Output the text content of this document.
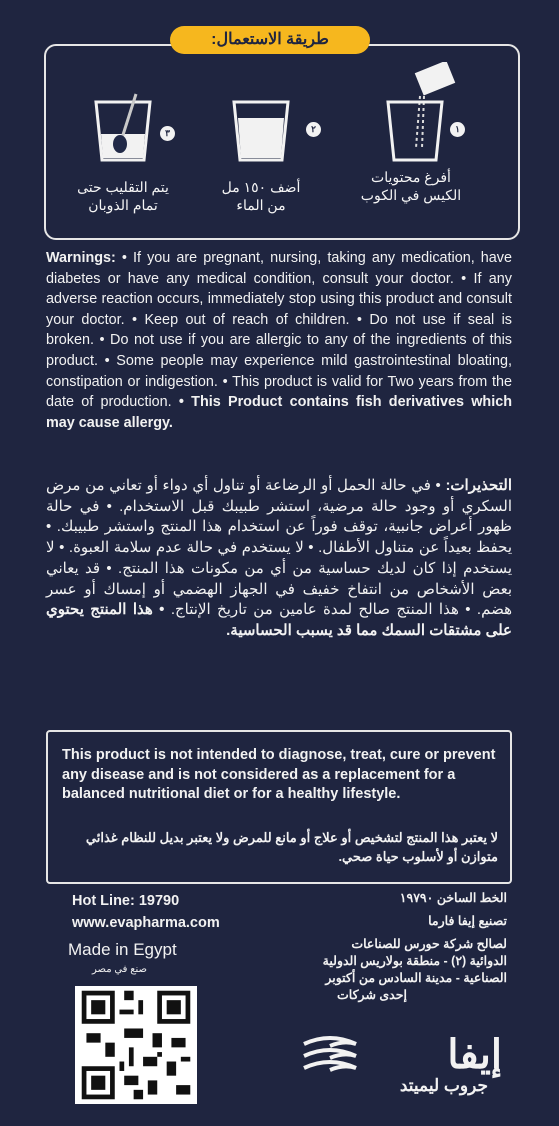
طريقة الاستعمال:
يتم التقليب حتى
تمام الذوبان
٣
أضف ١٥٠ مل
من الماء
٢
أفرغ محتويات
الكيس في الكوب
١
Warnings: • If you are pregnant, nursing, taking any medication, have diabetes or have any medical condition, consult your doctor. • If any adverse reaction occurs, immediately stop using this product and consult your doctor. • Keep out of reach of children. • Do not use if seal is broken. • Do not use if you are allergic to any of the ingredients of this product. • Some people may experience mild gastrointestinal bloating, constipation or indigestion. • This product is valid for Two years from the date of production. • This Product contains fish derivatives which may cause allergy.
التحذيرات: • في حالة الحمل أو الرضاعة أو تناول أي دواء أو تعاني من مرض السكري أو وجود حالة مرضية، استشر طبيبك قبل الاستخدام. • في حالة ظهور أعراض جانبية، توقف فوراً عن استخدام هذا المنتج واستشر طبيبك. • يحفظ بعيداً عن متناول الأطفال. • لا يستخدم في حالة عدم سلامة العبوة. • لا يستخدم إذا كان لديك حساسية من أي من مكونات هذا المنتج. • قد يعاني بعض الأشخاص من انتفاخ خفيف في الجهاز الهضمي أو إمساك أو عسر هضم. • هذا المنتج صالح لمدة عامين من تاريخ الإنتاج. • هذا المنتج يحتوي على مشتقات السمك مما قد يسبب الحساسية.
This product is not intended to diagnose, treat, cure or prevent any disease and is not considered as a replacement for a balanced nutritional diet or for a healthy lifestyle.
لا يعتبر هذا المنتج لتشخيص أو علاج أو مانع للمرض ولا يعتبر بديل للنظام غذائي متوازن أو لأسلوب حياة صحي.
Hot Line: 19790
www.evapharma.com
Made in Egypt
صنع في مصر
الخط الساخن ١٩٧٩٠
تصنيع إيفا فارما
لصالح شركة حورس للصناعات
الدوائية (٢) - منطقة بولاريس الدولية
الصناعية - مدينة السادس من أكتوبر
إحدى شركات
إيفا
جروب ليميتد
